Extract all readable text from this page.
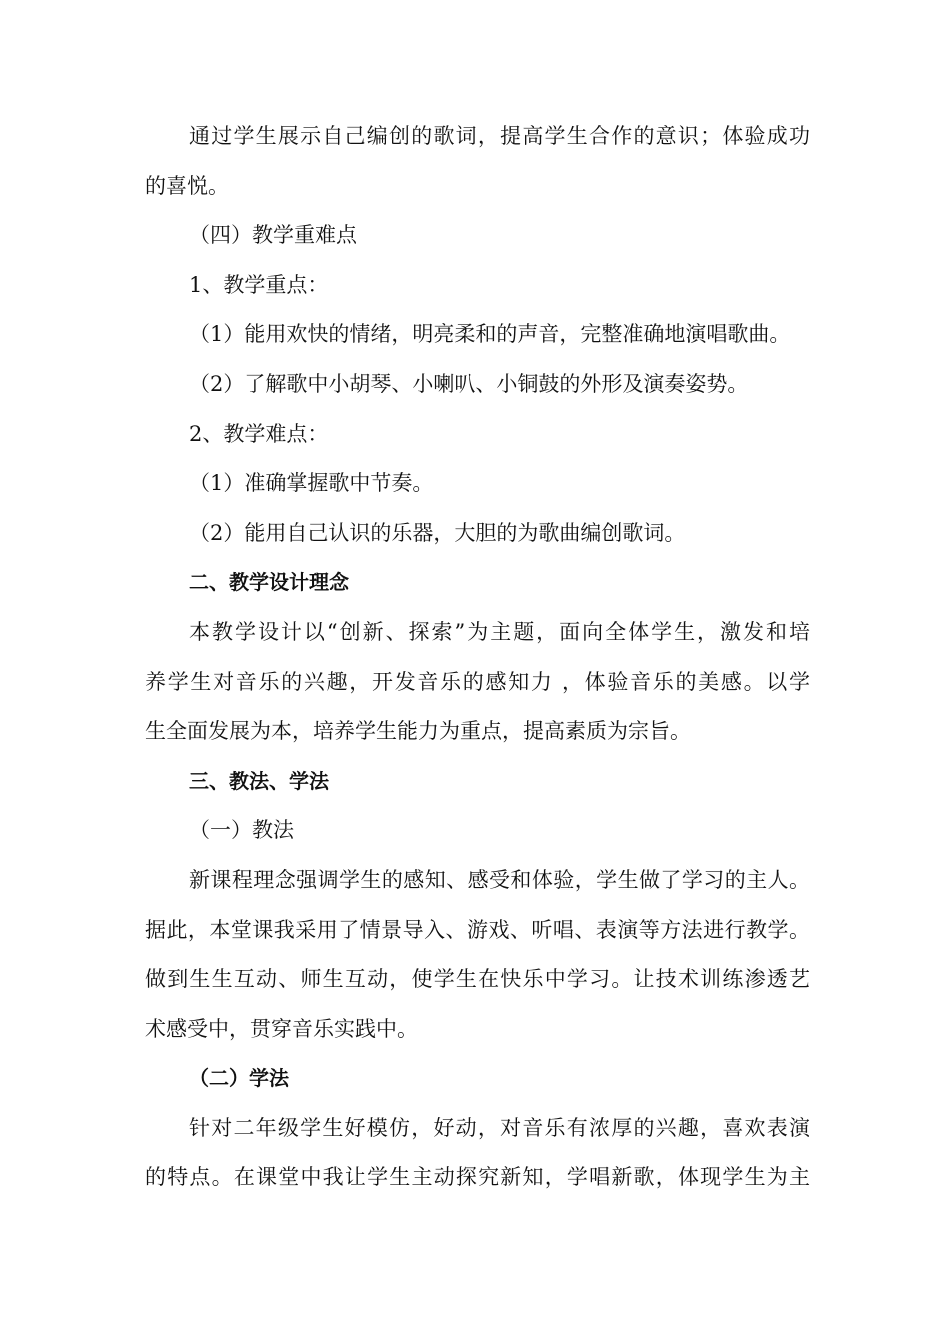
通过学生展示自己编创的歌词，提高学生合作的意识；体验成功
的喜悦。
（四）教学重难点
1、教学重点：
（1）能用欢快的情绪，明亮柔和的声音，完整准确地演唱歌曲。
（2）了解歌中小胡琴、小喇叭、小铜鼓的外形及演奏姿势。
2、教学难点：
（1）准确掌握歌中节奏。
（2）能用自己认识的乐器，大胆的为歌曲编创歌词。
二、教学设计理念
本教学设计以“创新、探索”为主题，面向全体学生，激发和培
养学生对音乐的兴趣，开发音乐的感知力 ，体验音乐的美感。以学
生全面发展为本，培养学生能力为重点，提高素质为宗旨。
三、教法、学法
（一）教法
新课程理念强调学生的感知、感受和体验，学生做了学习的主人。
据此，本堂课我采用了情景导入、游戏、听唱、表演等方法进行教学。
做到生生互动、师生互动，使学生在快乐中学习。让技术训练渗透艺
术感受中，贯穿音乐实践中。
（二）学法
针对二年级学生好模仿，好动，对音乐有浓厚的兴趣，喜欢表演
的特点。在课堂中我让学生主动探究新知，学唱新歌，体现学生为主
